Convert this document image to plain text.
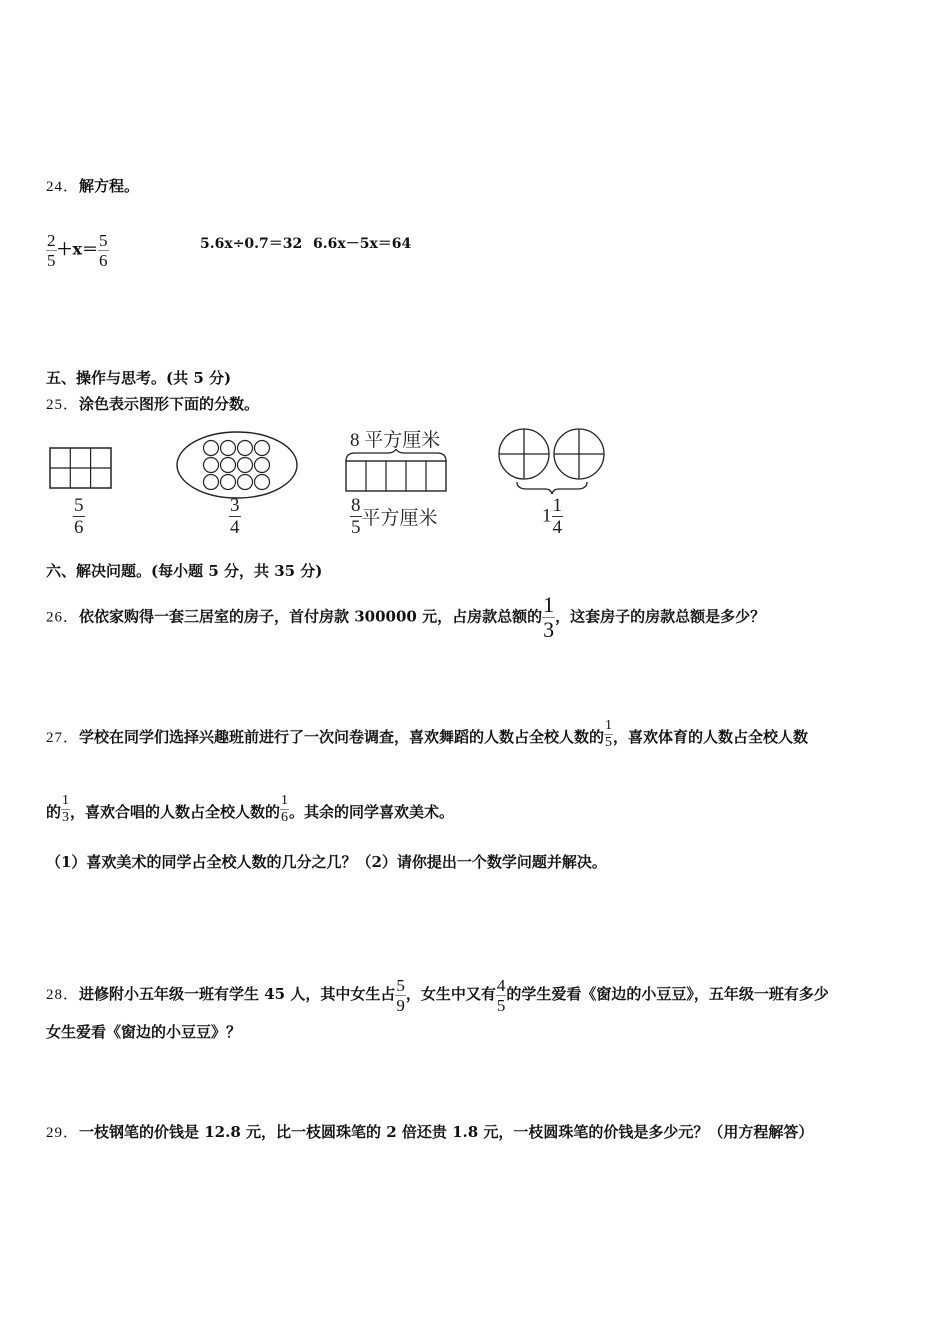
24．解方程。
$\frac{2}{5} +x= \frac{5}{6}$	5.6x÷0.7＝32 6.6x－5x＝64
五、操作与思考。(共 5 分)
25．涂色表示图形下面的分数。
$\frac{5}{6}$	$\frac{3}{4}$
8 平方厘米
$\frac{8}{5}$ 平方厘米	$1 \frac{1}{4}$
六、解决问题。(每小题 5 分，共 35 分)
26．依依家购得一套三居室的房子，首付房款 300000 元，占房款总额的 $\frac{1}{3}$ ，这套房子的房款总额是多少？
27．学校在同学们选择兴趣班前进行了一次问卷调查，喜欢舞蹈的人数占全校人数的 $\frac{1}{5}$ ，喜欢体育的人数占全校人数
的 $\frac{1}{3}$ ，喜欢合唱的人数占全校人数的 $\frac{1}{6}$ 。其余的同学喜欢美术。
（1）喜欢美术的同学占全校人数的几分之几？（2）请你提出一个数学问题并解决。
28．进修附小五年级一班有学生 45 人，其中女生占 $\frac{5}{9}$ ，女生中又有 $\frac{4}{5}$ 的学生爱看《窗边的小豆豆》，五年级一班有多少
女生爱看《窗边的小豆豆》？
29．一枝钢笔的价钱是 12.8 元，比一枝圆珠笔的 2 倍还贵 1.8 元，一枝圆珠笔的价钱是多少元？（用方程解答）
